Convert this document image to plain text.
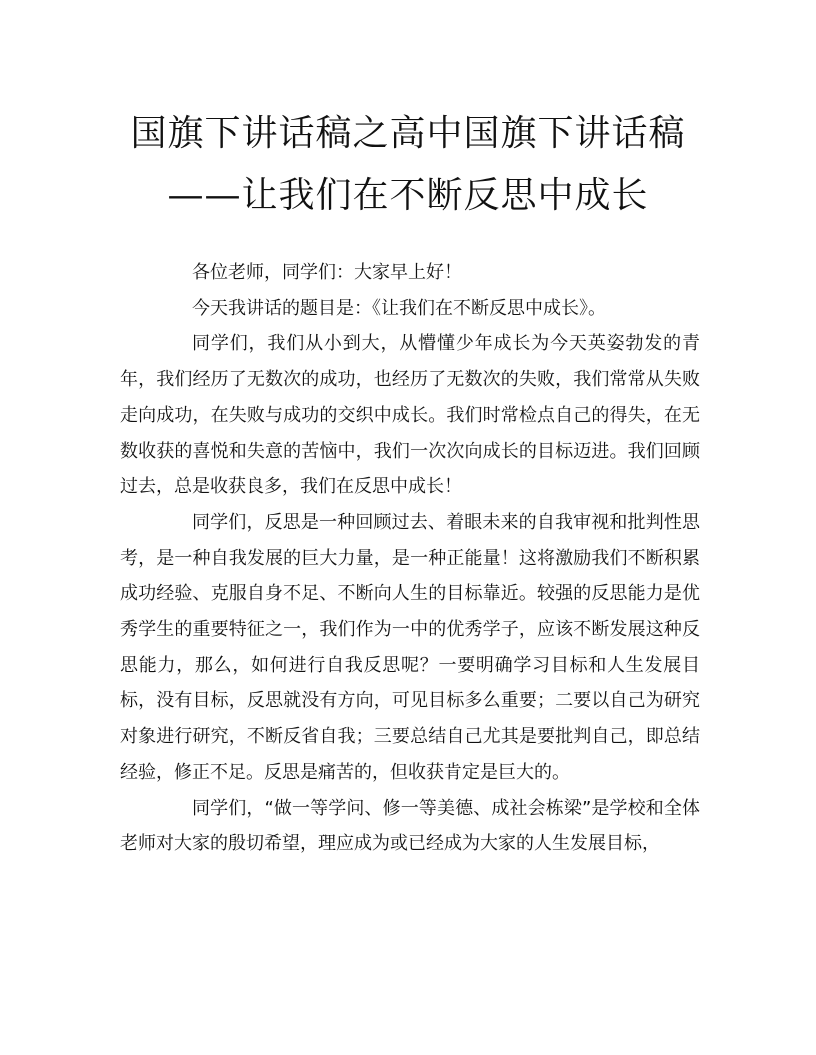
国旗下讲话稿之高中国旗下讲话稿
——让我们在不断反思中成长

各位老师，同学们：大家早上好！

今天我讲话的题目是：《让我们在不断反思中成长》。

同学们，我们从小到大，从懵懂少年成长为今天英姿勃发的青年，我们经历了无数次的成功，也经历了无数次的失败，我们常常从失败走向成功，在失败与成功的交织中成长。我们时常检点自己的得失，在无数收获的喜悦和失意的苦恼中，我们一次次向成长的目标迈进。我们回顾过去，总是收获良多，我们在反思中成长！

同学们，反思是一种回顾过去、着眼未来的自我审视和批判性思考，是一种自我发展的巨大力量，是一种正能量！这将激励我们不断积累成功经验、克服自身不足、不断向人生的目标靠近。较强的反思能力是优秀学生的重要特征之一，我们作为一中的优秀学子，应该不断发展这种反思能力，那么，如何进行自我反思呢？一要明确学习目标和人生发展目标，没有目标，反思就没有方向，可见目标多么重要；二要以自己为研究对象进行研究，不断反省自我；三要总结自己尤其是要批判自己，即总结经验，修正不足。反思是痛苦的，但收获肯定是巨大的。

同学们，“做一等学问、修一等美德、成社会栋梁”是学校和全体老师对大家的殷切希望，理应成为或已经成为大家的人生发展目标，
